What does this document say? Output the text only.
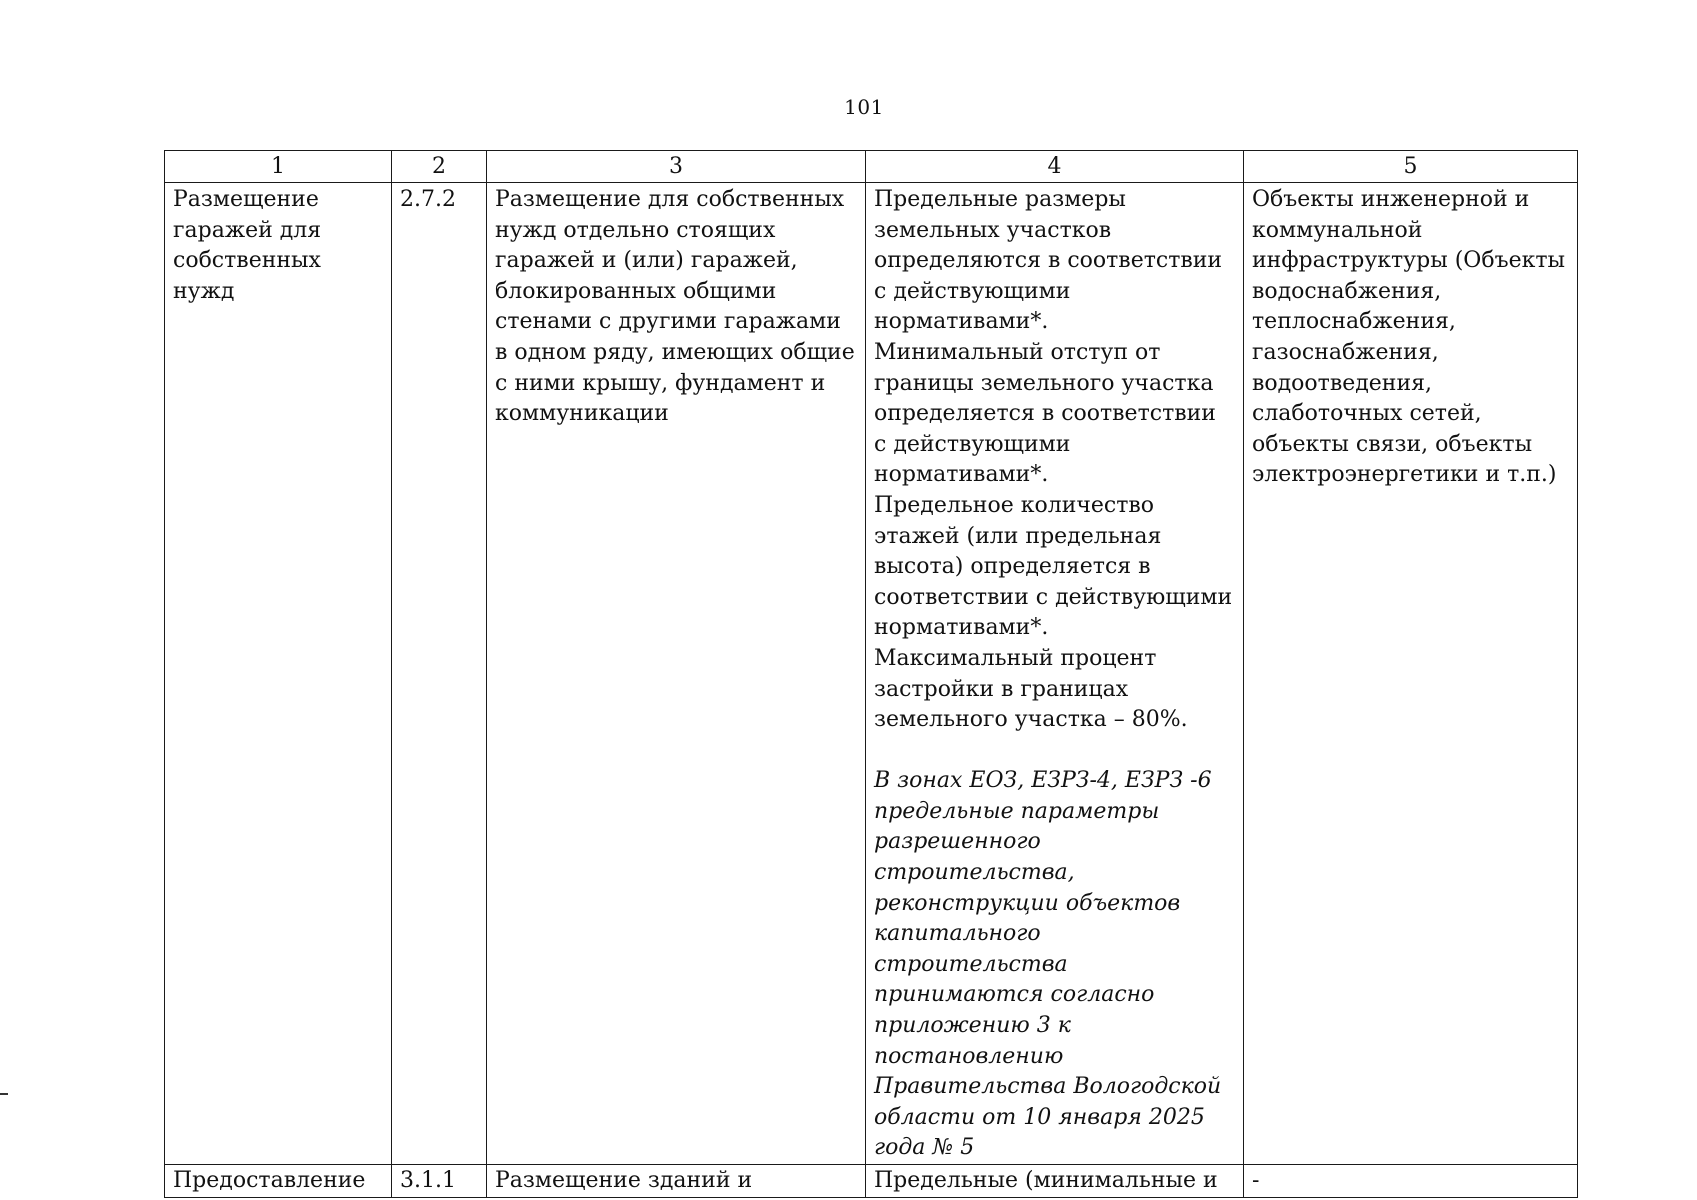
101
1	2	3	4	5
Размещение гаражей для собственных нужд	2.7.2	Размещение для собственных нужд отдельно стоящих гаражей и (или) гаражей, блокированных общими стенами с другими гаражами в одном ряду, имеющих общие с ними крышу, фундамент и коммуникации	Предельные размеры земельных участков определяются в соответствии с действующими нормативами*.
Минимальный отступ от границы земельного участка определяется в соответствии с действующими нормативами*.
Предельное количество этажей (или предельная высота) определяется в соответствии с действующими нормативами*.
Максимальный процент застройки в границах земельного участка – 80%.
В зонах ЕОЗ, ЕЗРЗ-4, ЕЗРЗ -6 предельные параметры разрешенного строительства, реконструкции объектов капитального строительства принимаются согласно приложению 3 к постановлению Правительства Вологодской области от 10 января 2025 года № 5	Объекты инженерной и коммунальной инфраструктуры (Объекты водоснабжения, теплоснабжения, газоснабжения, водоотведения, слаботочных сетей, объекты связи, объекты электроэнергетики и т.п.)
Предоставление	3.1.1	Размещение зданий и	Предельные (минимальные и	-
